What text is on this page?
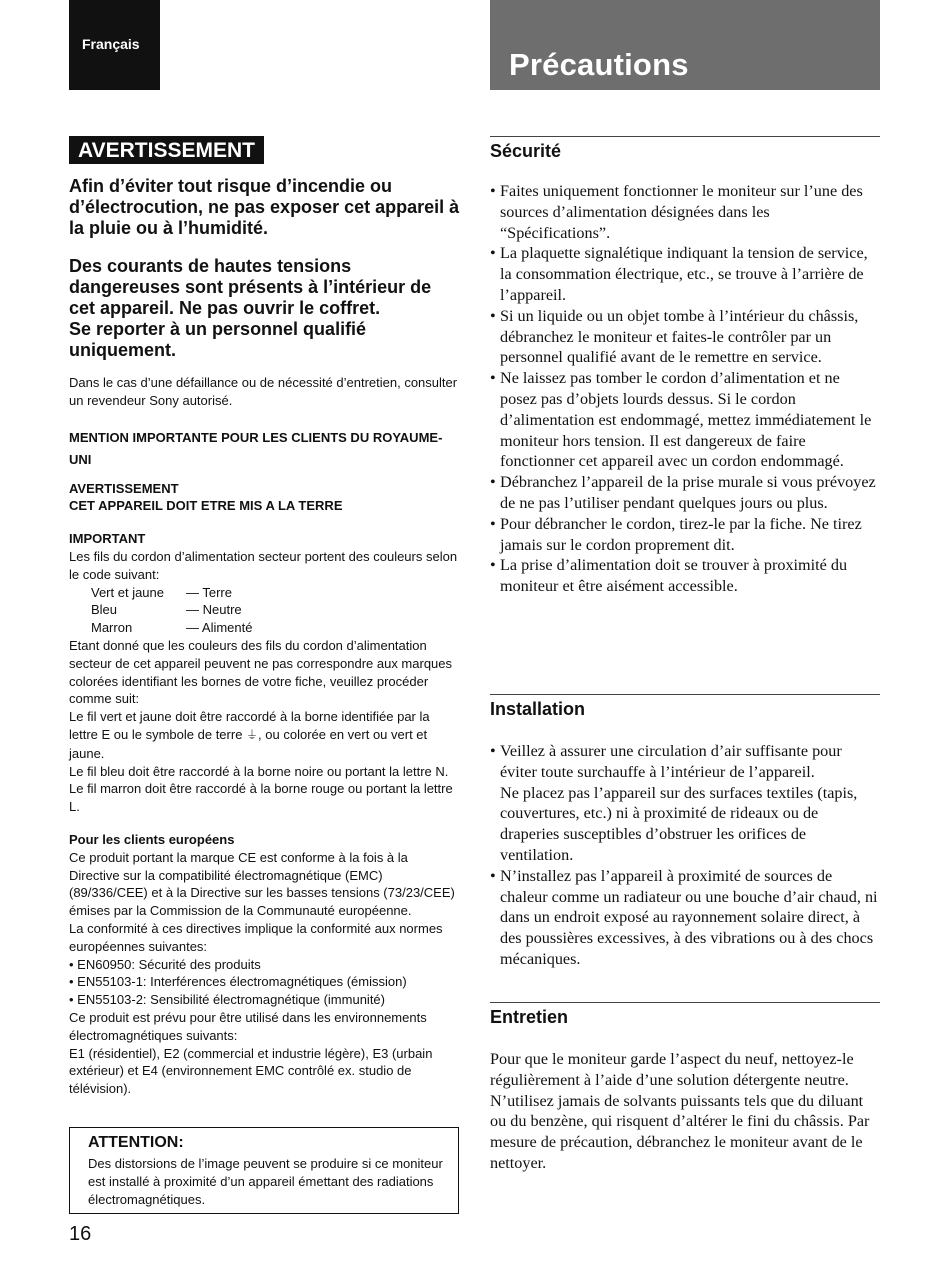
Français
Précautions
AVERTISSEMENT

Afin d’éviter tout risque d’incendie ou d’électrocution, ne pas exposer cet appareil à la pluie ou à l’humidité.

Des courants de hautes tensions dangereuses sont présents à l’intérieur de cet appareil. Ne pas ouvrir le coffret.
Se reporter à un personnel qualifié uniquement.

Dans le cas d’une défaillance ou de nécessité d’entretien, consulter un revendeur Sony autorisé.
MENTION IMPORTANTE POUR LES CLIENTS DU ROYAUME-UNI
AVERTISSEMENT
CET APPAREIL DOIT ETRE MIS A LA TERRE
IMPORTANT
Les fils du cordon d’alimentation secteur portent des couleurs selon le code suivant:
Vert et jaune	— Terre
Bleu	— Neutre
Marron	— Alimenté
Etant donné que les couleurs des fils du cordon d’alimentation secteur de cet appareil peuvent ne pas correspondre aux marques colorées identifiant les bornes de votre fiche, veuillez procéder comme suit:
Le fil vert et jaune doit être raccordé à la borne identifiée par la lettre E ou le symbole de terre ⏚, ou colorée en vert ou vert et jaune.
Le fil bleu doit être raccordé à la borne noire ou portant la lettre N. Le fil marron doit être raccordé à la borne rouge ou portant la lettre L.
Pour les clients européens
Ce produit portant la marque CE est conforme à la fois à la Directive sur la compatibilité électromagnétique (EMC) (89/336/CEE) et à la Directive sur les basses tensions (73/23/CEE) émises par la Commission de la Communauté européenne.
La conformité à ces directives implique la conformité aux normes européennes suivantes:
• EN60950: Sécurité des produits
• EN55103-1: Interférences électromagnétiques (émission)
• EN55103-2: Sensibilité électromagnétique (immunité)
Ce produit est prévu pour être utilisé dans les environnements électromagnétiques suivants:
E1 (résidentiel), E2 (commercial et industrie légère), E3 (urbain extérieur) et E4 (environnement EMC contrôlé ex. studio de télévision).
ATTENTION:
Des distorsions de l’image peuvent se produire si ce moniteur est installé à proximité d’un appareil émettant des radiations électromagnétiques.
16
Sécurité
• Faites uniquement fonctionner le moniteur sur l’une des sources d’alimentation désignées dans les “Spécifications”.
• La plaquette signalétique indiquant la tension de service, la consommation électrique, etc., se trouve à l’arrière de l’appareil.
• Si un liquide ou un objet tombe à l’intérieur du châssis, débranchez le moniteur et faites-le contrôler par un personnel qualifié avant de le remettre en service.
• Ne laissez pas tomber le cordon d’alimentation et ne posez pas d’objets lourds dessus. Si le cordon d’alimentation est endommagé, mettez immédiatement le moniteur hors tension. Il est dangereux de faire fonctionner cet appareil avec un cordon endommagé.
• Débranchez l’appareil de la prise murale si vous prévoyez de ne pas l’utiliser pendant quelques jours ou plus.
• Pour débrancher le cordon, tirez-le par la fiche. Ne tirez jamais sur le cordon proprement dit.
• La prise d’alimentation doit se trouver à proximité du moniteur et être aisément accessible.
Installation
• Veillez à assurer une circulation d’air suffisante pour éviter toute surchauffe à l’intérieur de l’appareil.
Ne placez pas l’appareil sur des surfaces textiles (tapis, couvertures, etc.) ni à proximité de rideaux ou de draperies susceptibles d’obstruer les orifices de ventilation.
• N’installez pas l’appareil à proximité de sources de chaleur comme un radiateur ou une bouche d’air chaud, ni dans un endroit exposé au rayonnement solaire direct, à des poussières excessives, à des vibrations ou à des chocs mécaniques.
Entretien

Pour que le moniteur garde l’aspect du neuf, nettoyez-le régulièrement à l’aide d’une solution détergente neutre. N’utilisez jamais de solvants puissants tels que du diluant ou du benzène, qui risquent d’altérer le fini du châssis. Par mesure de précaution, débranchez le moniteur avant de le nettoyer.
